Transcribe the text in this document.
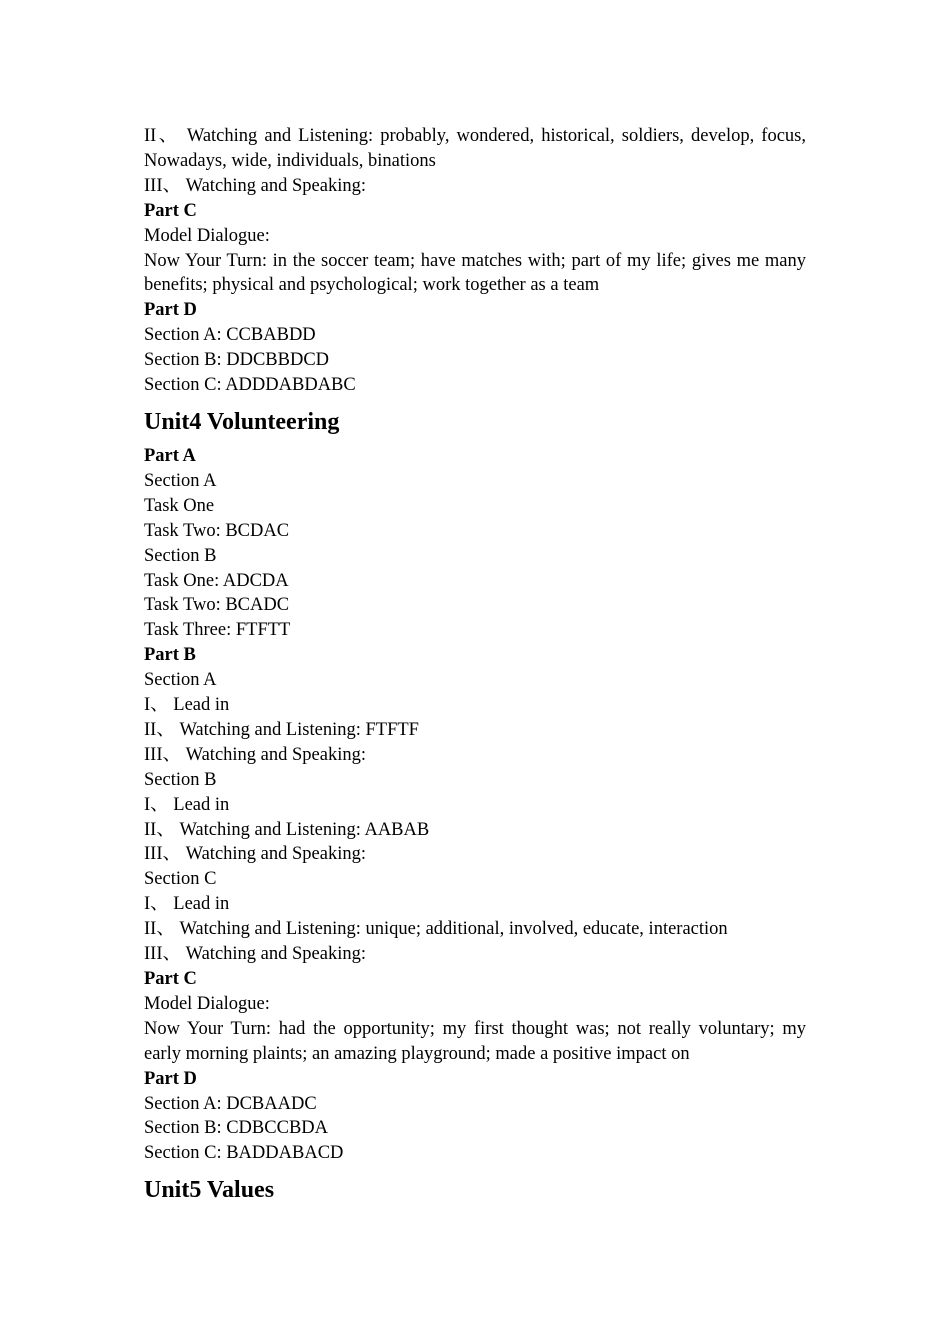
II、 Watching and Listening: probably, wondered, historical, soldiers, develop, focus, Nowadays, wide, individuals, binations
III、 Watching and Speaking:
Part C
Model Dialogue:
Now Your Turn: in the soccer team; have matches with; part of my life; gives me many benefits; physical and psychological; work together as a team
Part D
Section A: CCBABDD
Section B: DDCBBDCD
Section C: ADDDABDABC
Unit4 Volunteering
Part A
Section A
Task One
Task Two: BCDAC
Section B
Task One: ADCDA
Task Two: BCADC
Task Three: FTFTT
Part B
Section A
I、 Lead in
II、 Watching and Listening: FTFTF
III、 Watching and Speaking:
Section B
I、 Lead in
II、 Watching and Listening: AABAB
III、 Watching and Speaking:
Section C
I、 Lead in
II、 Watching and Listening: unique; additional, involved, educate, interaction
III、 Watching and Speaking:
Part C
Model Dialogue:
Now Your Turn: had the opportunity; my first thought was; not really voluntary; my early morning plaints; an amazing playground; made a positive impact on
Part D
Section A: DCBAADC
Section B: CDBCCBDA
Section C: BADDABACD
Unit5 Values
